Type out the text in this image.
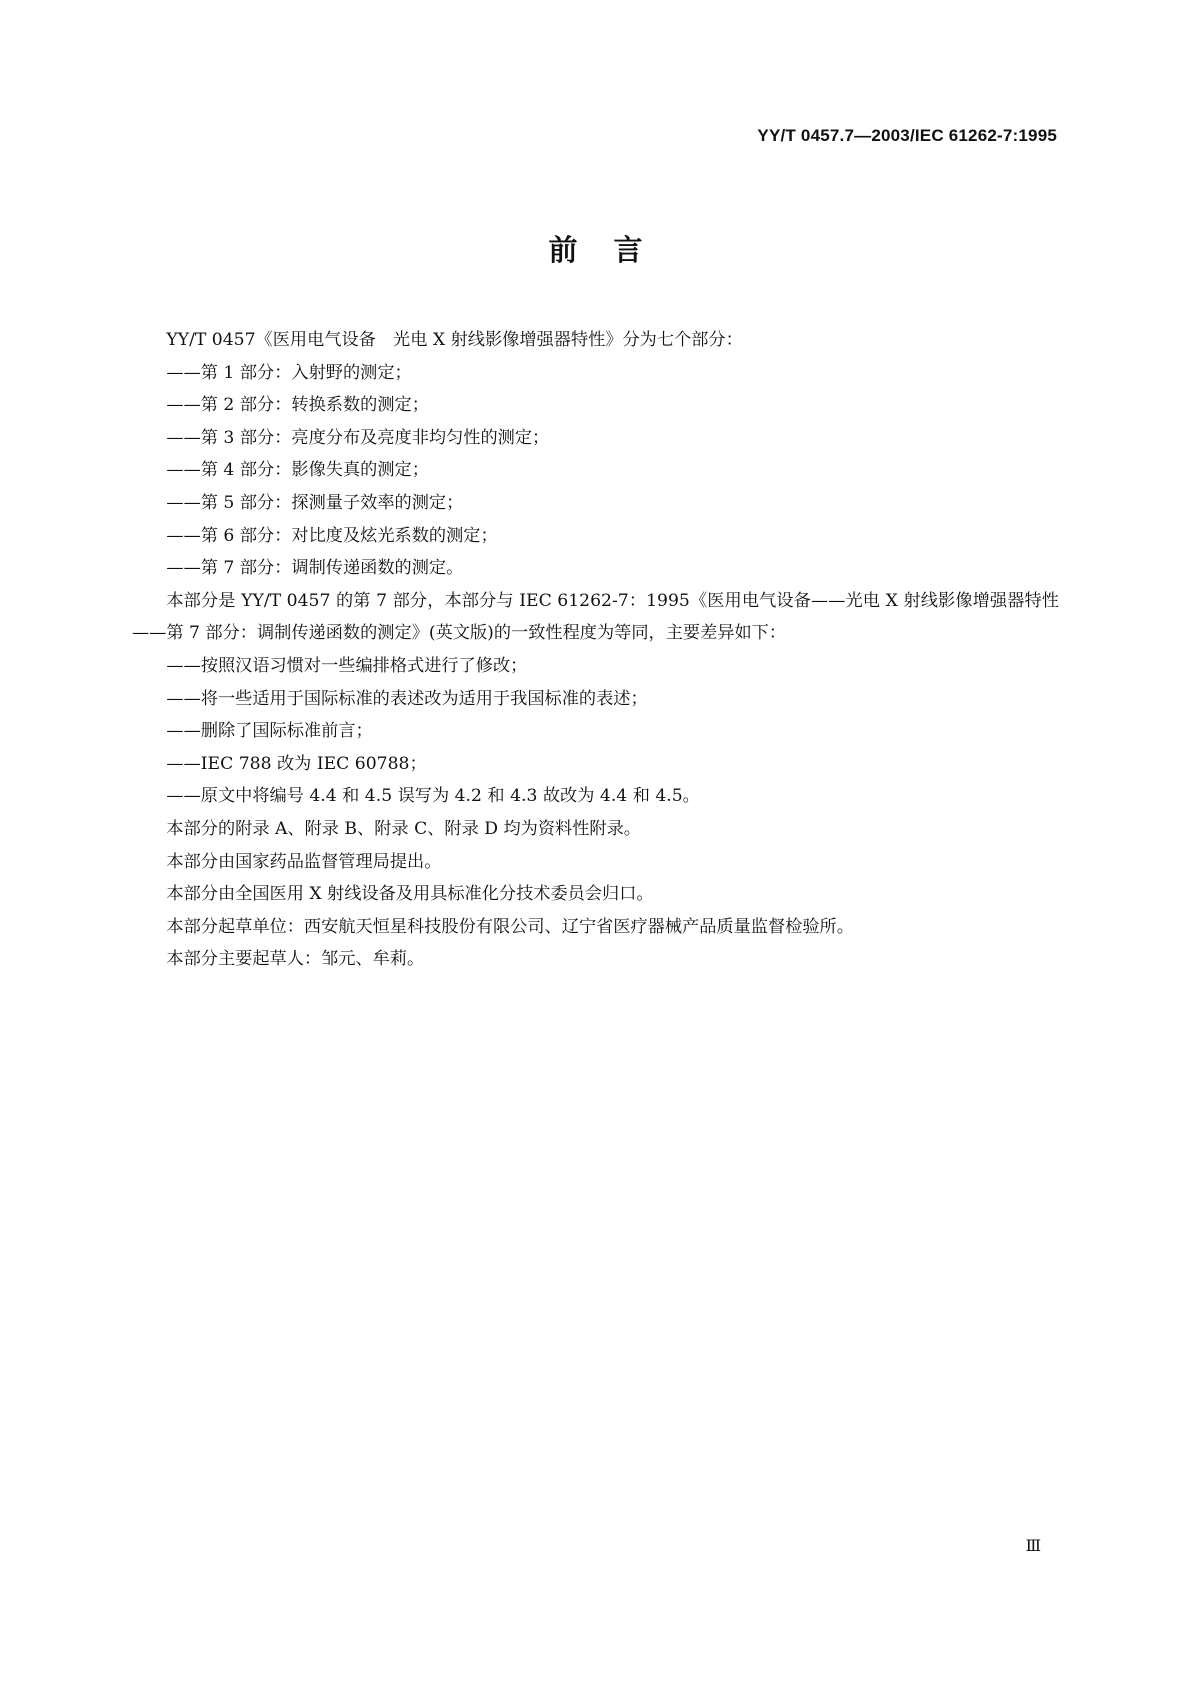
YY/T 0457.7—2003/IEC 61262-7:1995
前言

YY/T 0457《医用电气设备　光电 X 射线影像增强器特性》分为七个部分：

——第 1 部分：入射野的测定；

——第 2 部分：转换系数的测定；

——第 3 部分：亮度分布及亮度非均匀性的测定；

——第 4 部分：影像失真的测定；

——第 5 部分：探测量子效率的测定；

——第 6 部分：对比度及炫光系数的测定；

——第 7 部分：调制传递函数的测定。

本部分是 YY/T 0457 的第 7 部分，本部分与 IEC 61262-7：1995《医用电气设备——光电 X 射线影像增强器特性——第 7 部分：调制传递函数的测定》(英文版)的一致性程度为等同，主要差异如下：

——按照汉语习惯对一些编排格式进行了修改；

——将一些适用于国际标准的表述改为适用于我国标准的表述；

——删除了国际标准前言；

——IEC 788 改为 IEC 60788；

——原文中将编号 4.4 和 4.5 误写为 4.2 和 4.3 故改为 4.4 和 4.5。

本部分的附录 A、附录 B、附录 C、附录 D 均为资料性附录。

本部分由国家药品监督管理局提出。

本部分由全国医用 X 射线设备及用具标准化分技术委员会归口。

本部分起草单位：西安航天恒星科技股份有限公司、辽宁省医疗器械产品质量监督检验所。

本部分主要起草人：邹元、牟莉。

Ⅲ
